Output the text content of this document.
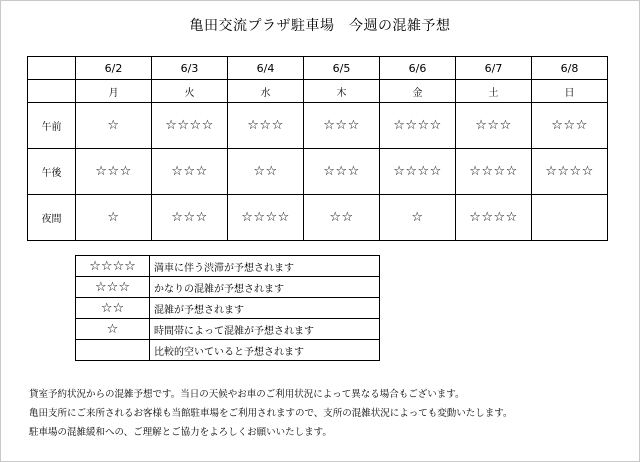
亀田交流プラザ駐車場　今週の混雑予想
	6/2	6/3	6/4	6/5	6/6	6/7	6/8
	月	火	水	木	金	土	日
午前	☆	☆☆☆☆	☆☆☆	☆☆☆	☆☆☆☆	☆☆☆	☆☆☆
午後	☆☆☆	☆☆☆	☆☆	☆☆☆	☆☆☆☆	☆☆☆☆	☆☆☆☆
夜間	☆	☆☆☆	☆☆☆☆	☆☆	☆	☆☆☆☆	
☆☆☆☆	満車に伴う渋滞が予想されます
☆☆☆	かなりの混雑が予想されます
☆☆	混雑が予想されます
☆	時間帯によって混雑が予想されます
	比較的空いていると予想されます
貸室予約状況からの混雑予想です。当日の天候やお車のご利用状況によって異なる場合もございます。
亀田支所にご来所されるお客様も当館駐車場をご利用されますので、支所の混雑状況によっても変動いたします。
駐車場の混雑緩和への、ご理解とご協力をよろしくお願いいたします。
